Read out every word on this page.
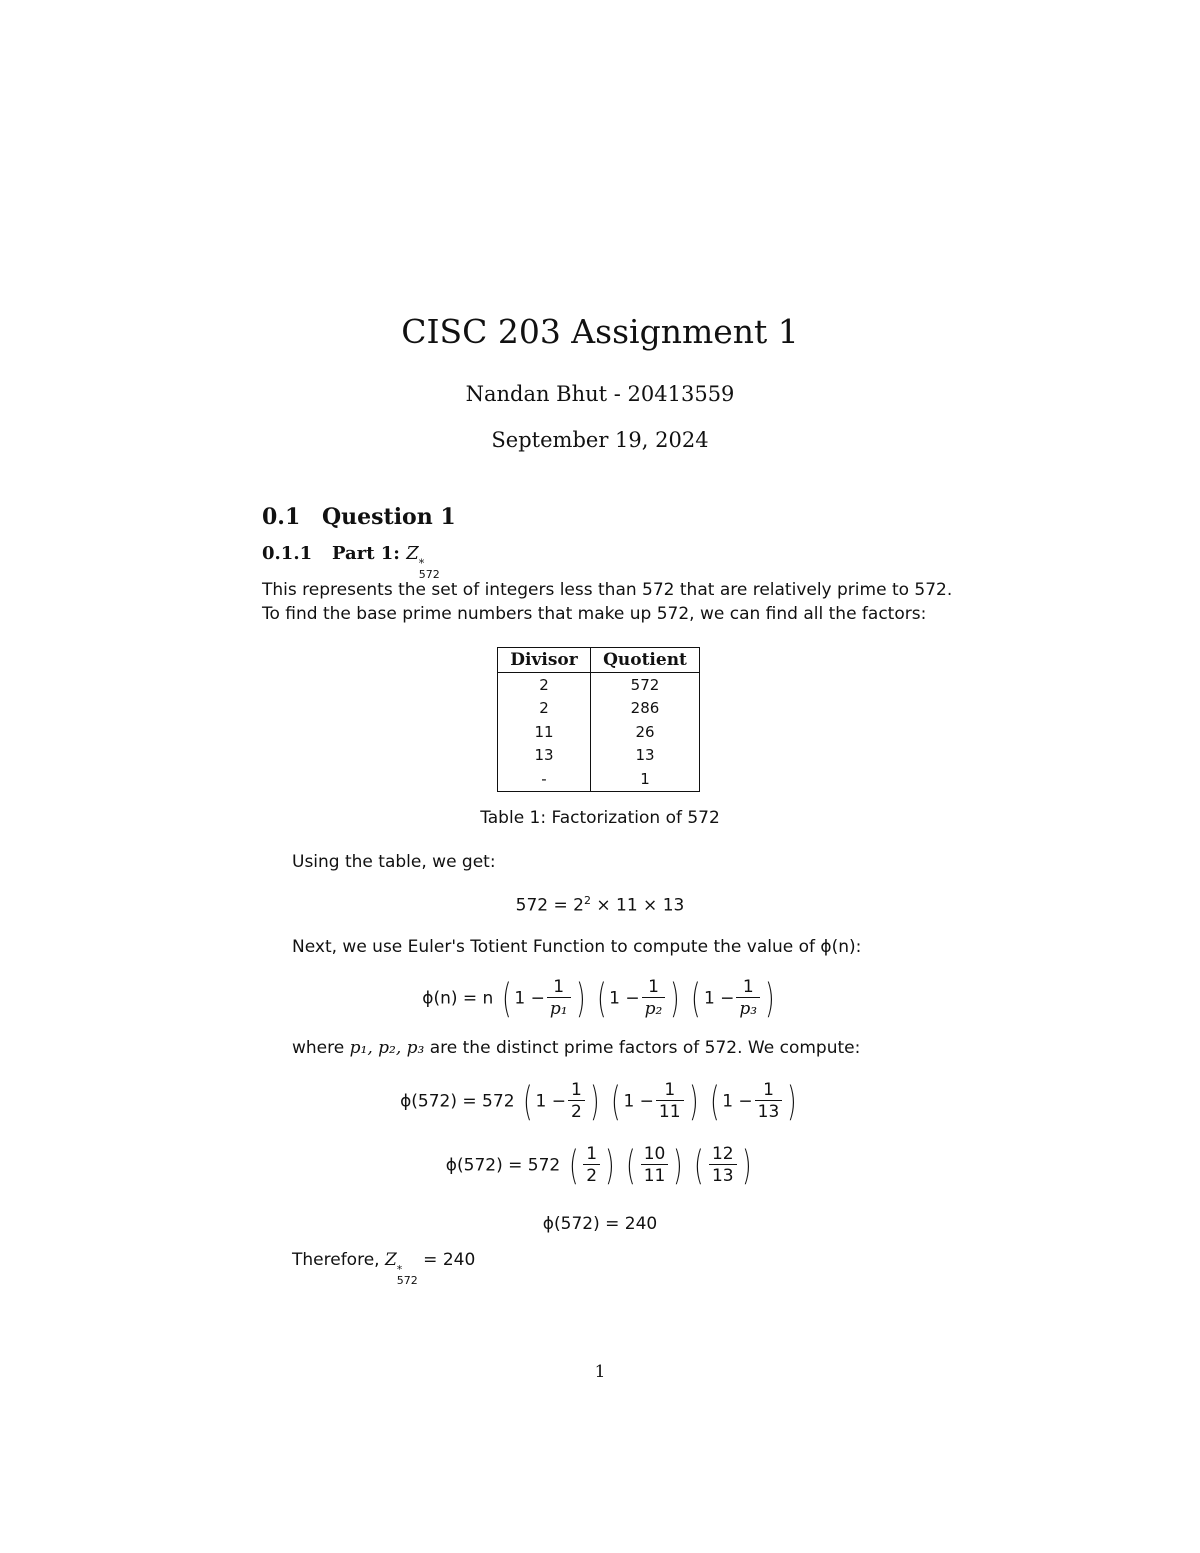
CISC 203 Assignment 1
Nandan Bhut - 20413559
September 19, 2024
0.1 Question 1
0.1.1 Part 1: Z *
572
This represents the set of integers less than 572 that are relatively prime to 572.
To find the base prime numbers that make up 572, we can find all the factors:
Divisor	Quotient
2	572
2	286
11	26
13	13
-	1
Table 1: Factorization of 572
Using the table, we get:
$572 = 2^2 \times 11 \times 13$
Next, we use Euler's Totient Function to compute the value of ϕ(n):
ϕ(n) = n ( $1 - \frac{1}{\text{p₁}}$ ) ( $1 - \frac{1}{\text{p₂}}$ ) ( $1 - \frac{1}{\text{p₃}}$ )
where p₁, p₂, p₃ are the distinct prime factors of 572. We compute:
ϕ(572) = 572 ( $1 - \frac{1}{2}$ ) ( $1 - \frac{1}{11}$ ) ( $1 - \frac{1}{13}$ )
ϕ(572) = 572 ( $\frac{1}{2}$ ) ( $\frac{10}{11}$ ) ( $\frac{12}{13}$ )
ϕ(572) = 240
Therefore, Z *
572
= 240
1
